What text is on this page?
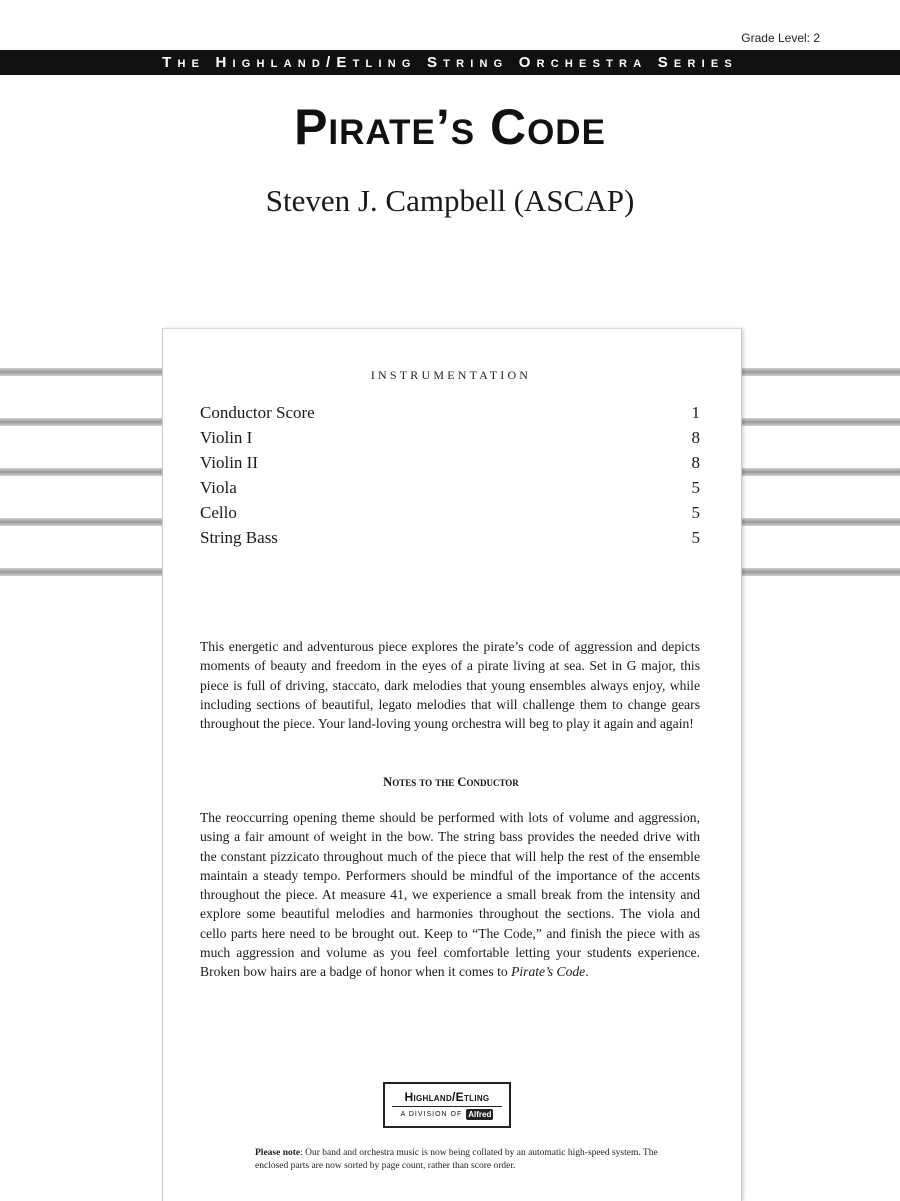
Grade Level: 2
The Highland/Etling String Orchestra Series
Pirate’s Code
Steven J. Campbell (ASCAP)
INSTRUMENTATION
Conductor Score	1
Violin I	8
Violin II	8
Viola	5
Cello	5
String Bass	5

This energetic and adventurous piece explores the pirate’s code of aggression and depicts moments of beauty and freedom in the eyes of a pirate living at sea. Set in G major, this piece is full of driving, staccato, dark melodies that young ensembles always enjoy, while including sections of beautiful, legato melodies that will challenge them to change gears throughout the piece. Your land-loving young orchestra will beg to play it again and again!

Notes to the Conductor

The reoccurring opening theme should be performed with lots of volume and aggression, using a fair amount of weight in the bow. The string bass provides the needed drive with the constant pizzicato throughout much of the piece that will help the rest of the ensemble maintain a steady tempo. Performers should be mindful of the importance of the accents throughout the piece. At measure 41, we experience a small break from the intensity and explore some beautiful melodies and harmonies throughout the sections. The viola and cello parts here need to be brought out. Keep to “The Code,” and finish the piece with as much aggression and volume as you feel comfortable letting your students experience. Broken bow hairs are a badge of honor when it comes to Pirate’s Code.

Highland/Etling
A DIVISION OF Alfred

Please note: Our band and orchestra music is now being collated by an automatic high-speed system. The enclosed parts are now sorted by page count, rather than score order.
